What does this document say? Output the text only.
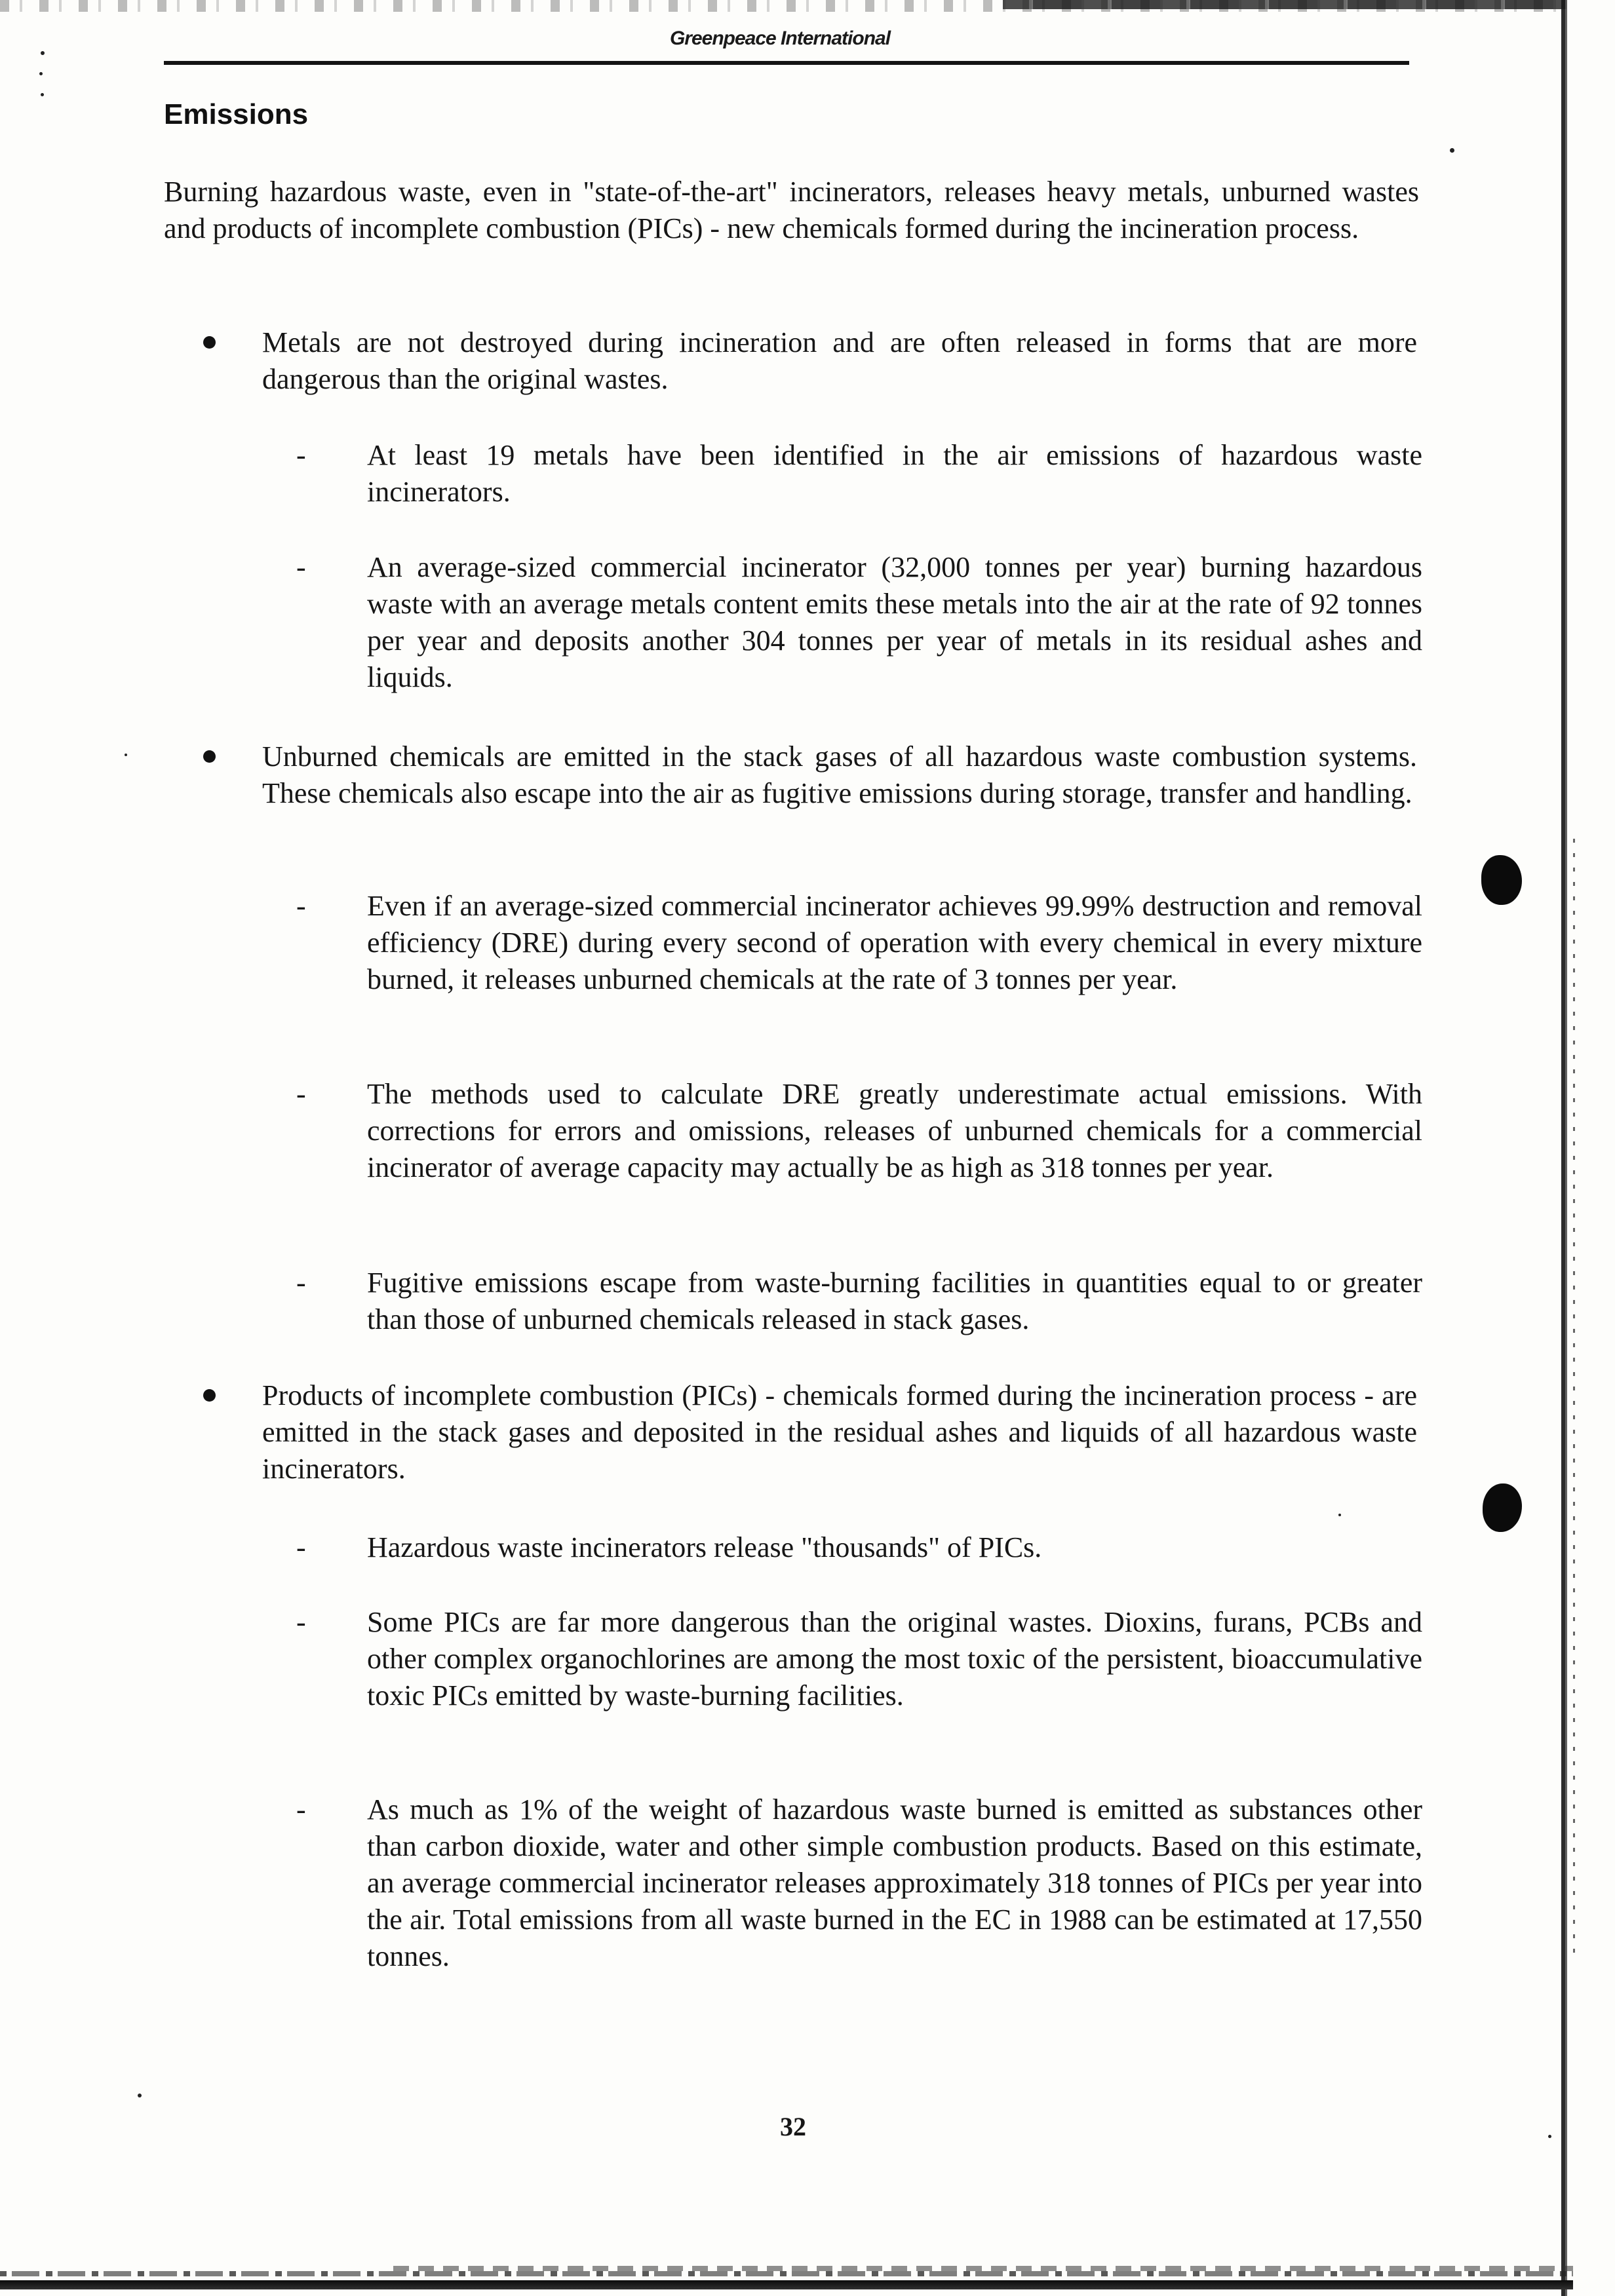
Greenpeace International
Emissions

Burning hazardous waste, even in "state-of-the-art" incinerators, releases heavy metals, unburned wastes and products of incomplete combustion (PICs) - new chemicals formed during the incineration process.

Metals are not destroyed during incineration and are often released in forms that are more dangerous than the original wastes.

- At least 19 metals have been identified in the air emissions of hazardous waste incinerators.

- An average-sized commercial incinerator (32,000 tonnes per year) burning hazardous waste with an average metals content emits these metals into the air at the rate of 92 tonnes per year and deposits another 304 tonnes per year of metals in its residual ashes and liquids.

Unburned chemicals are emitted in the stack gases of all hazardous waste combustion systems. These chemicals also escape into the air as fugitive emissions during storage, transfer and handling.

- Even if an average-sized commercial incinerator achieves 99.99% destruction and removal efficiency (DRE) during every second of operation with every chemical in every mixture burned, it releases unburned chemicals at the rate of 3 tonnes per year.

- The methods used to calculate DRE greatly underestimate actual emissions. With corrections for errors and omissions, releases of unburned chemicals for a commercial incinerator of average capacity may actually be as high as 318 tonnes per year.

- Fugitive emissions escape from waste-burning facilities in quantities equal to or greater than those of unburned chemicals released in stack gases.

Products of incomplete combustion (PICs) - chemicals formed during the incineration process - are emitted in the stack gases and deposited in the residual ashes and liquids of all hazardous waste incinerators.

- Hazardous waste incinerators release "thousands" of PICs.

- Some PICs are far more dangerous than the original wastes. Dioxins, furans, PCBs and other complex organochlorines are among the most toxic of the persistent, bioaccumulative toxic PICs emitted by waste-burning facilities.

- As much as 1% of the weight of hazardous waste burned is emitted as substances other than carbon dioxide, water and other simple combustion products. Based on this estimate, an average commercial incinerator releases approximately 318 tonnes of PICs per year into the air. Total emissions from all waste burned in the EC in 1988 can be estimated at 17,550 tonnes.

32
